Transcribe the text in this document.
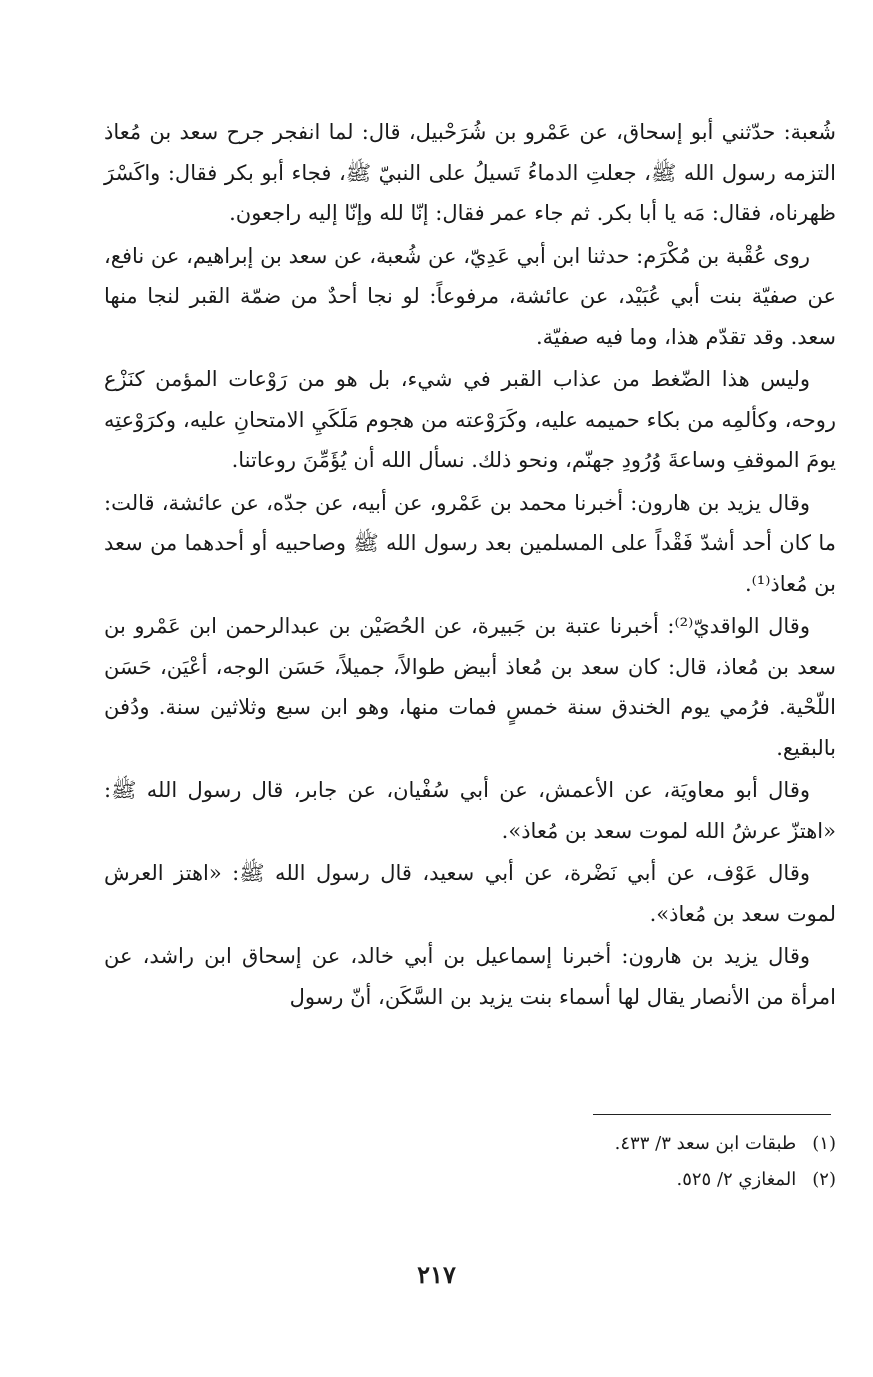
شُعبة: حدّثني أبو إسحاق، عن عَمْرو بن شُرَحْبيل، قال: لما انفجر جرح سعد بن مُعاذ التزمه رسول الله ﷺ، جعلتِ الدماءُ تَسيلُ على النبيّ ﷺ، فجاء أبو بكر فقال: واكَسْرَ ظهرناه، فقال: مَه يا أبا بكر. ثم جاء عمر فقال: إنّا لله وإنّا إليه راجعون.

روى عُقْبة بن مُكْرَم: حدثنا ابن أبي عَدِيّ، عن شُعبة، عن سعد بن إبراهيم، عن نافع، عن صفيّة بنت أبي عُبَيْد، عن عائشة، مرفوعاً: لو نجا أحدٌ من ضمّة القبر لنجا منها سعد. وقد تقدّم هذا، وما فيه صفيّة.

وليس هذا الضّغط من عذاب القبر في شيء، بل هو من رَوْعات المؤمن كنَزْع روحه، وكألمِه من بكاء حميمه عليه، وكَرَوْعته من هجوم مَلَكَيِ الامتحانِ عليه، وكرَوْعتِه يومَ الموقفِ وساعةَ وُرُودِ جهنّم، ونحو ذلك. نسأل الله أن يُؤَمِّنَ روعاتنا.

وقال يزيد بن هارون: أخبرنا محمد بن عَمْرو، عن أبيه، عن جدّه، عن عائشة، قالت: ما كان أحد أشدّ فَقْداً على المسلمين بعد رسول الله ﷺ وصاحبيه أو أحدهما من سعد بن مُعاذ⁽¹⁾.

وقال الواقديّ⁽²⁾: أخبرنا عتبة بن جَبيرة، عن الحُصَيْن بن عبدالرحمن ابن عَمْرو بن سعد بن مُعاذ، قال: كان سعد بن مُعاذ أبيض طوالاً، جميلاً، حَسَن الوجه، أعْيَن، حَسَن اللّحْية. فرُمي يوم الخندق سنة خمسٍ فمات منها، وهو ابن سبع وثلاثين سنة. ودُفن بالبقيع.

وقال أبو معاويَة، عن الأعمش، عن أبي سُفْيان، عن جابر، قال رسول الله ﷺ: «اهتزّ عرشُ الله لموت سعد بن مُعاذ».

وقال عَوْف، عن أبي نَضْرة، عن أبي سعيد، قال رسول الله ﷺ: «اهتز العرش لموت سعد بن مُعاذ».

وقال يزيد بن هارون: أخبرنا إسماعيل بن أبي خالد، عن إسحاق ابن راشد، عن امرأة من الأنصار يقال لها أسماء بنت يزيد بن السَّكَن، أنّ رسول

(١)طبقات ابن سعد ٣/ ٤٣٣.

(٢)المغازي ٢/ ٥٢٥.

٢١٧
